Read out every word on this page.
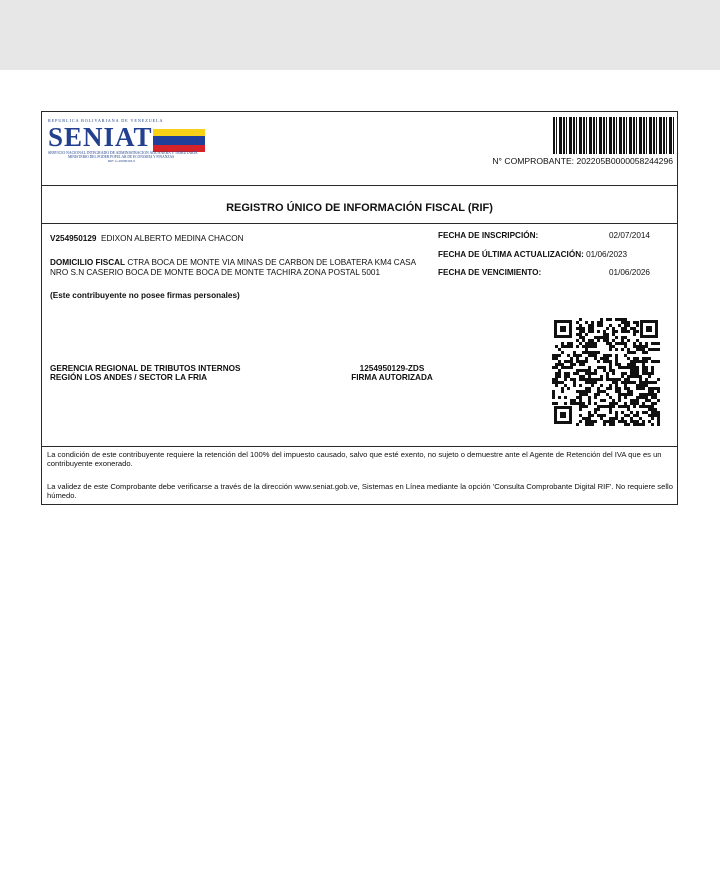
REPUBLICA BOLIVARIANA DE VENEZUELA
SENIAT
SERVICIO NACIONAL INTEGRADO DE ADMINISTRACION ADUANERA Y TRIBUTARIA
MINISTERIO DEL PODER POPULAR DE ECONOMIA Y FINANZAS
RIF: G-20000303-0	N° COMPROBANTE: 202205B0000058244296
REGISTRO ÚNICO DE INFORMACIÓN FISCAL (RIF)
V254950129 EDIXON ALBERTO MEDINA CHACON
DOMICILIO FISCAL CTRA BOCA DE MONTE VIA MINAS DE CARBON DE LOBATERA KM4 CASA NRO S.N CASERIO BOCA DE MONTE BOCA DE MONTE TACHIRA ZONA POSTAL 5001
(Este contribuyente no posee firmas personales)
FECHA DE INSCRIPCIÓN:	02/07/2014
FECHA DE ÚLTIMA ACTUALIZACIÓN: 01/06/2023
FECHA DE VENCIMIENTO:	01/06/2026
GERENCIA REGIONAL DE TRIBUTOS INTERNOS
REGIÓN LOS ANDES / SECTOR LA FRIA
1254950129-ZDS
FIRMA AUTORIZADA

La condición de este contribuyente requiere la retención del 100% del impuesto causado, salvo que esté exento, no sujeto o demuestre ante el Agente de Retención del IVA que es un contribuyente exonerado.

La validez de este Comprobante debe verificarse a través de la dirección www.seniat.gob.ve, Sistemas en Línea mediante la opción 'Consulta Comprobante Digital RIF'. No requiere sello húmedo.
